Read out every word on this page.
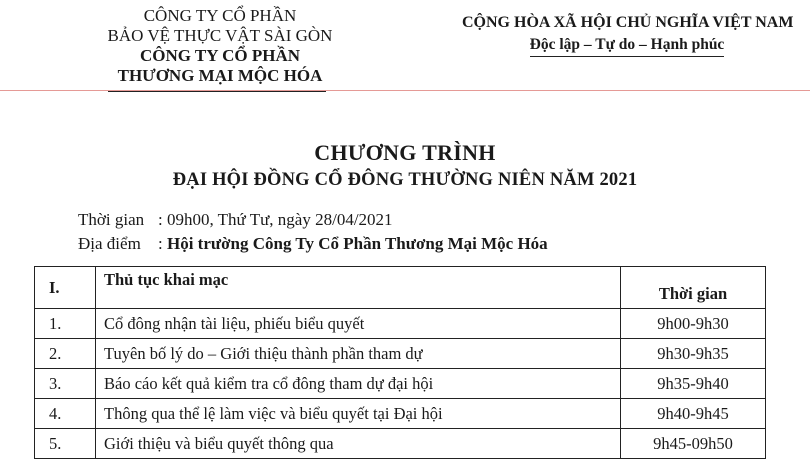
CÔNG TY CỔ PHẦN
BẢO VỆ THỰC VẬT SÀI GÒN
CÔNG TY CỔ PHẦN
THƯƠNG MẠI MỘC HÓA
CỘNG HÒA XÃ HỘI CHỦ NGHĨA VIỆT NAM
Độc lập – Tự do – Hạnh phúc
CHƯƠNG TRÌNH
ĐẠI HỘI ĐỒNG CỔ ĐÔNG THƯỜNG NIÊN NĂM 2021
Thời gian : 09h00, Thứ Tư, ngày 28/04/2021
Địa điểm : Hội trường Công Ty Cổ Phần Thương Mại Mộc Hóa
I.	Thủ tục khai mạc	Thời gian
1.	Cổ đông nhận tài liệu, phiếu biểu quyết	9h00-9h30
2.	Tuyên bố lý do – Giới thiệu thành phần tham dự	9h30-9h35
3.	Báo cáo kết quả kiểm tra cổ đông tham dự đại hội	9h35-9h40
4.	Thông qua thể lệ làm việc và biểu quyết tại Đại hội	9h40-9h45
5.	Giới thiệu và biểu quyết thông qua	9h45-09h50
